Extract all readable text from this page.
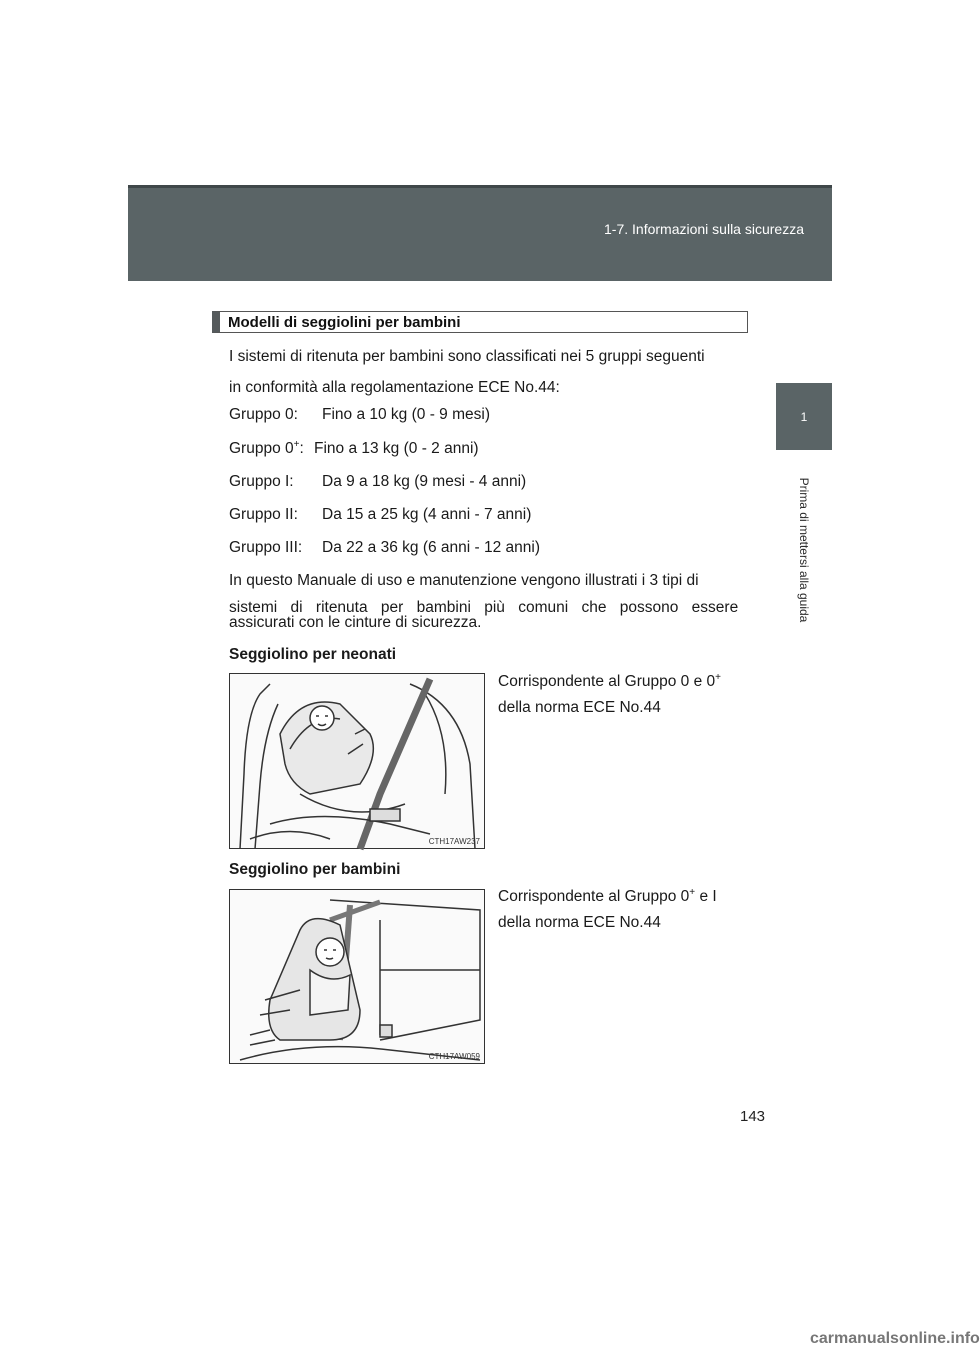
1-7. Informazioni sulla sicurezza
1
Prima di mettersi alla guida
Modelli di seggiolini per bambini
I sistemi di ritenuta per bambini sono classificati nei 5 gruppi seguenti
in conformità alla regolamentazione ECE No.44:
Gruppo 0: Fino a 10 kg (0 - 9 mesi)
Gruppo 0+: Fino a 13 kg (0 - 2 anni)
Gruppo I: Da 9 a 18 kg (9 mesi - 4 anni)
Gruppo II: Da 15 a 25 kg (4 anni - 7 anni)
Gruppo III: Da 22 a 36 kg (6 anni - 12 anni)
In questo Manuale di uso e manutenzione vengono illustrati i 3 tipi di
sistemi di ritenuta per bambini più comuni che possono essere
assicurati con le cinture di sicurezza.
Seggiolino per neonati
CTH17AW237
Corrispondente al Gruppo 0 e 0+
della norma ECE No.44
Seggiolino per bambini
CTH17AW059
Corrispondente al Gruppo 0+ e I
della norma ECE No.44
143
carmanualsonline.info
